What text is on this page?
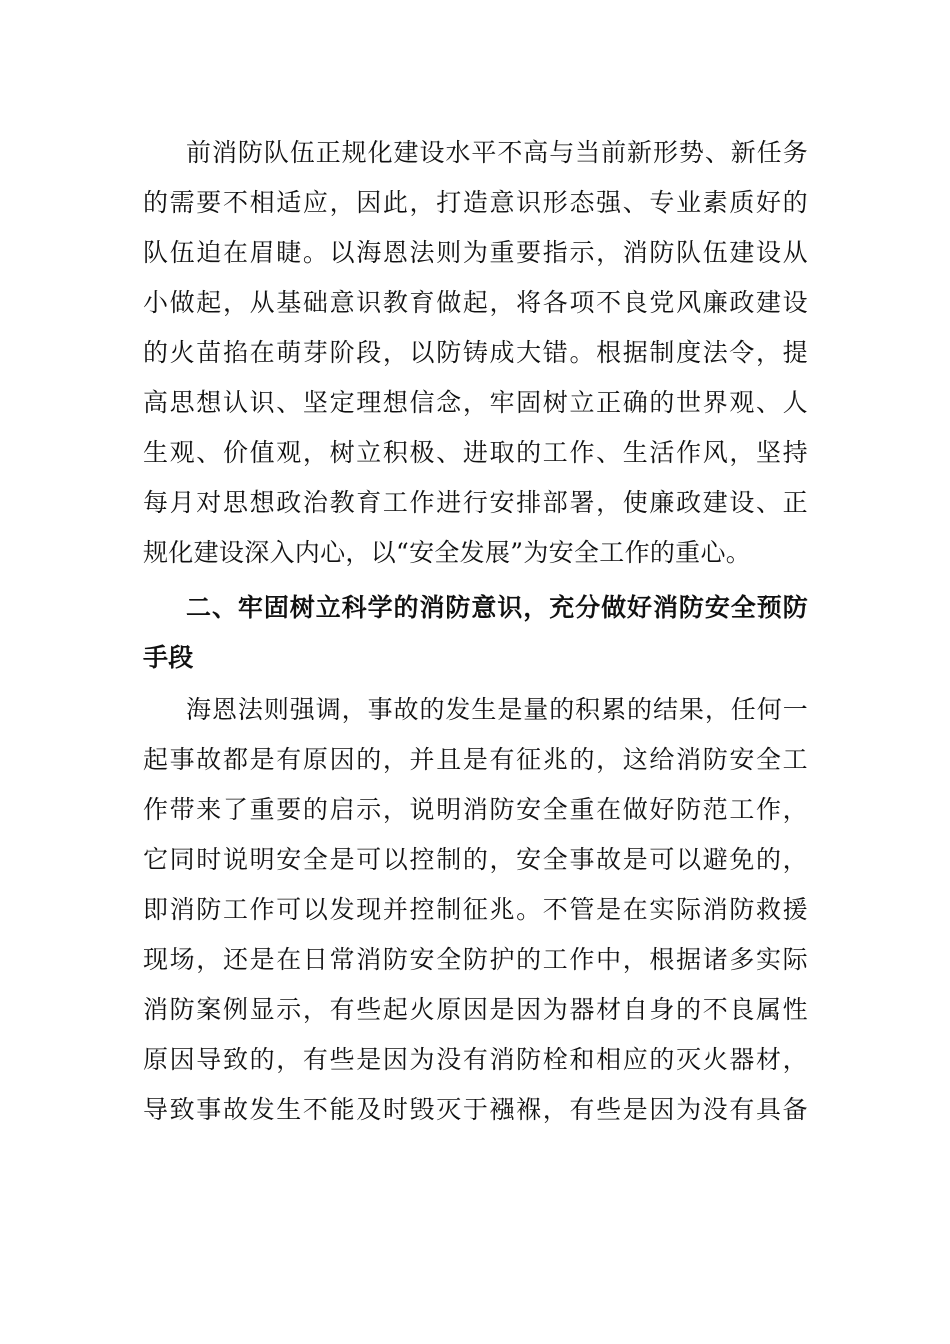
前消防队伍正规化建设水平不高与当前新形势、新任务
的需要不相适应，因此，打造意识形态强、专业素质好的
队伍迫在眉睫。以海恩法则为重要指示，消防队伍建设从
小做起，从基础意识教育做起，将各项不良党风廉政建设
的火苗掐在萌芽阶段，以防铸成大错。根据制度法令，提
高思想认识、坚定理想信念，牢固树立正确的世界观、人
生观、价值观，树立积极、进取的工作、生活作风，坚持
每月对思想政治教育工作进行安排部署，使廉政建设、正
规化建设深入内心，以“安全发展”为安全工作的重心。
二、牢固树立科学的消防意识，充分做好消防安全预防
手段
海恩法则强调，事故的发生是量的积累的结果，任何一
起事故都是有原因的，并且是有征兆的，这给消防安全工
作带来了重要的启示，说明消防安全重在做好防范工作，
它同时说明安全是可以控制的，安全事故是可以避免的，
即消防工作可以发现并控制征兆。不管是在实际消防救援
现场，还是在日常消防安全防护的工作中，根据诸多实际
消防案例显示，有些起火原因是因为器材自身的不良属性
原因导致的，有些是因为没有消防栓和相应的灭火器材，
导致事故发生不能及时毁灭于襁褓，有些是因为没有具备
